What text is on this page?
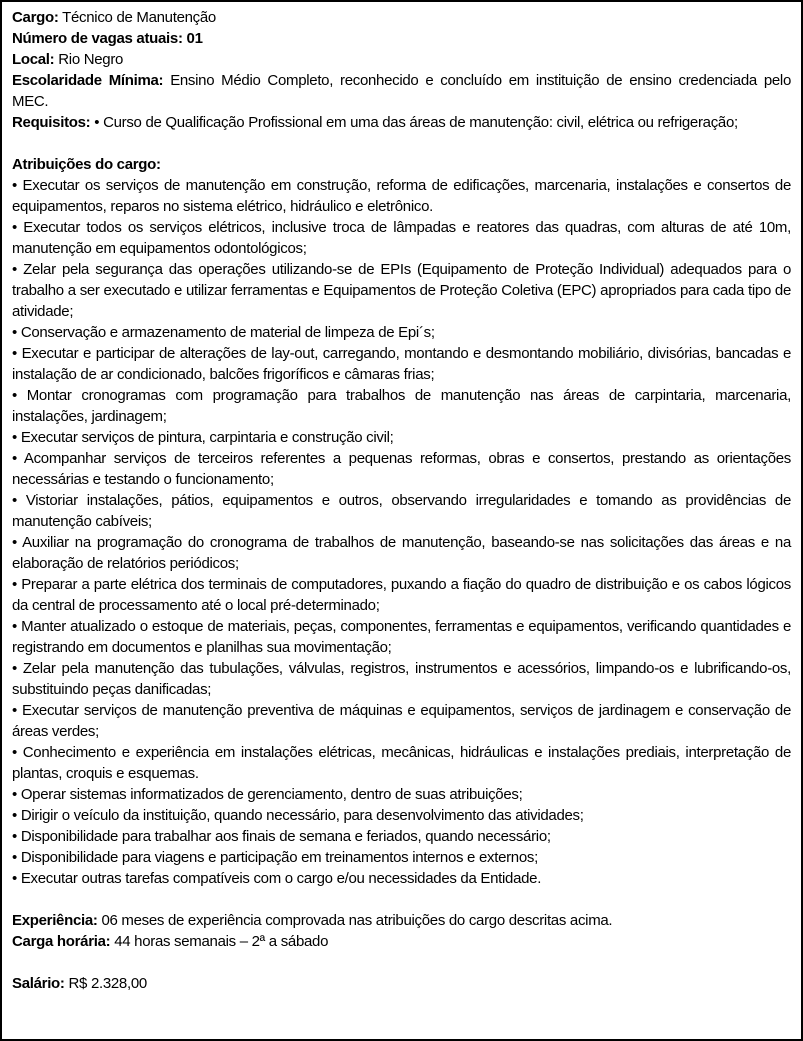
Cargo: Técnico de Manutenção

Número de vagas atuais: 01

Local: Rio Negro

Escolaridade Mínima: Ensino Médio Completo, reconhecido e concluído em instituição de ensino credenciada pelo MEC.

Requisitos: • Curso de Qualificação Profissional em uma das áreas de manutenção: civil, elétrica ou refrigeração;

Atribuições do cargo:

• Executar os serviços de manutenção em construção, reforma de edificações, marcenaria, instalações e consertos de equipamentos, reparos no sistema elétrico, hidráulico e eletrônico.

• Executar todos os serviços elétricos, inclusive troca de lâmpadas e reatores das quadras, com alturas de até 10m, manutenção em equipamentos odontológicos;

• Zelar pela segurança das operações utilizando-se de EPIs (Equipamento de Proteção Individual) adequados para o trabalho a ser executado e utilizar ferramentas e Equipamentos de Proteção Coletiva (EPC) apropriados para cada tipo de atividade;

• Conservação e armazenamento de material de limpeza de Epi´s;

• Executar e participar de alterações de lay-out, carregando, montando e desmontando mobiliário, divisórias, bancadas e instalação de ar condicionado, balcões frigoríficos e câmaras frias;

• Montar cronogramas com programação para trabalhos de manutenção nas áreas de carpintaria, marcenaria, instalações, jardinagem;

• Executar serviços de pintura, carpintaria e construção civil;

• Acompanhar serviços de terceiros referentes a pequenas reformas, obras e consertos, prestando as orientações necessárias e testando o funcionamento;

• Vistoriar instalações, pátios, equipamentos e outros, observando irregularidades e tomando as providências de manutenção cabíveis;

• Auxiliar na programação do cronograma de trabalhos de manutenção, baseando-se nas solicitações das áreas e na elaboração de relatórios periódicos;

• Preparar a parte elétrica dos terminais de computadores, puxando a fiação do quadro de distribuição e os cabos lógicos da central de processamento até o local pré-determinado;

• Manter atualizado o estoque de materiais, peças, componentes, ferramentas e equipamentos, verificando quantidades e registrando em documentos e planilhas sua movimentação;

• Zelar pela manutenção das tubulações, válvulas, registros, instrumentos e acessórios, limpando-os e lubrificando-os, substituindo peças danificadas;

• Executar serviços de manutenção preventiva de máquinas e equipamentos, serviços de jardinagem e conservação de áreas verdes;

• Conhecimento e experiência em instalações elétricas, mecânicas, hidráulicas e instalações prediais, interpretação de plantas, croquis e esquemas.

• Operar sistemas informatizados de gerenciamento, dentro de suas atribuições;

• Dirigir o veículo da instituição, quando necessário, para desenvolvimento das atividades;

• Disponibilidade para trabalhar aos finais de semana e feriados, quando necessário;

• Disponibilidade para viagens e participação em treinamentos internos e externos;

• Executar outras tarefas compatíveis com o cargo e/ou necessidades da Entidade.

Experiência: 06 meses de experiência comprovada nas atribuições do cargo descritas acima.

Carga horária: 44 horas semanais – 2ª a sábado

Salário: R$ 2.328,00
